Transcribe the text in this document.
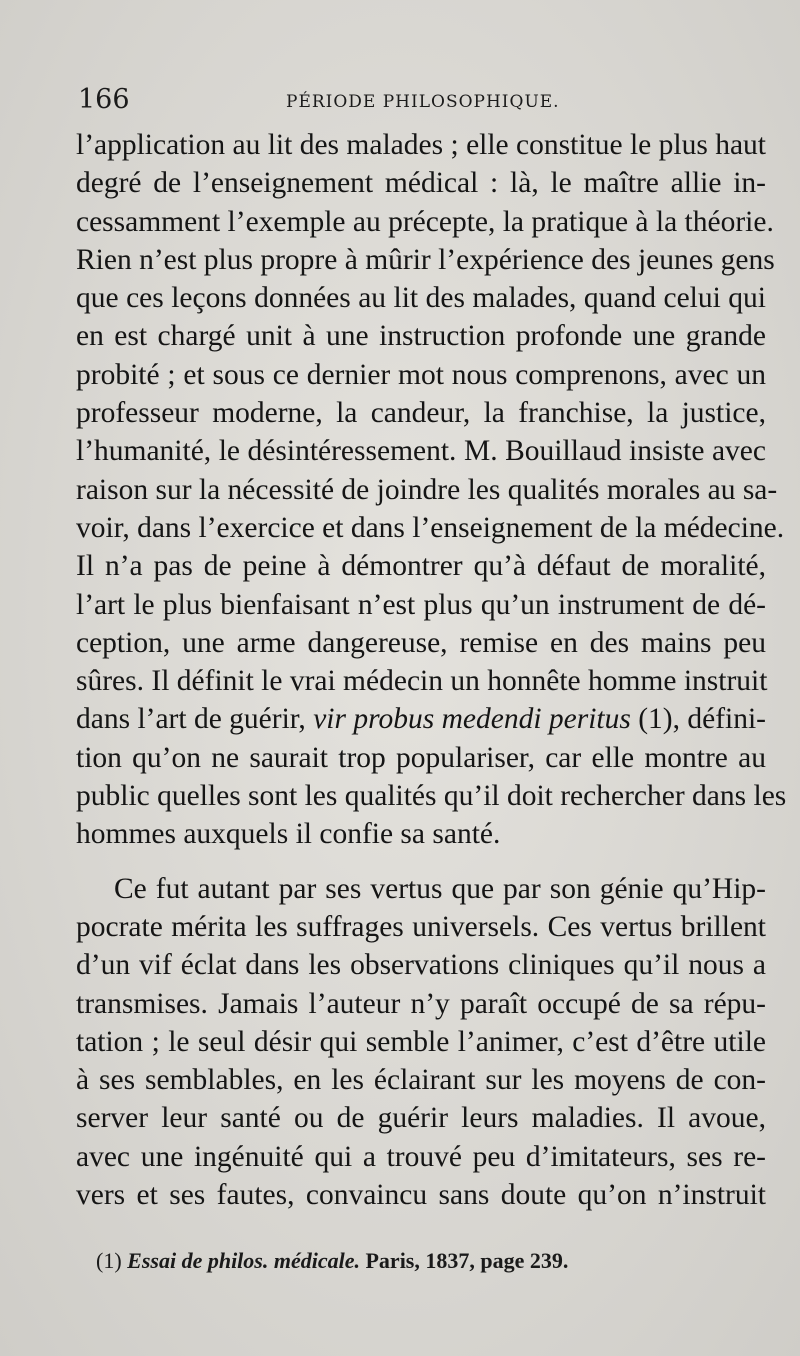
166	PÉRIODE PHILOSOPHIQUE.
l’application au lit des malades ; elle constitue le plus haut
degré de l’enseignement médical : là, le maître allie in-
cessamment l’exemple au précepte, la pratique à la théorie.
Rien n’est plus propre à mûrir l’expérience des jeunes gens
que ces leçons données au lit des malades, quand celui qui
en est chargé unit à une instruction profonde une grande
probité ; et sous ce dernier mot nous comprenons, avec un
professeur moderne, la candeur, la franchise, la justice,
l’humanité, le désintéressement. M. Bouillaud insiste avec
raison sur la nécessité de joindre les qualités morales au sa-
voir, dans l’exercice et dans l’enseignement de la médecine.
Il n’a pas de peine à démontrer qu’à défaut de moralité,
l’art le plus bienfaisant n’est plus qu’un instrument de dé-
ception, une arme dangereuse, remise en des mains peu
sûres. Il définit le vrai médecin un honnête homme instruit
dans l’art de guérir, vir probus medendi peritus (1), défini-
tion qu’on ne saurait trop populariser, car elle montre au
public quelles sont les qualités qu’il doit rechercher dans les
hommes auxquels il confie sa santé.
Ce fut autant par ses vertus que par son génie qu’Hip-
pocrate mérita les suffrages universels. Ces vertus brillent
d’un vif éclat dans les observations cliniques qu’il nous a
transmises. Jamais l’auteur n’y paraît occupé de sa répu-
tation ; le seul désir qui semble l’animer, c’est d’être utile
à ses semblables, en les éclairant sur les moyens de con-
server leur santé ou de guérir leurs maladies. Il avoue,
avec une ingénuité qui a trouvé peu d’imitateurs, ses re-
vers et ses fautes, convaincu sans doute qu’on n’instruit
(1) Essai de philos. médicale. Paris, 1837, page 239.
